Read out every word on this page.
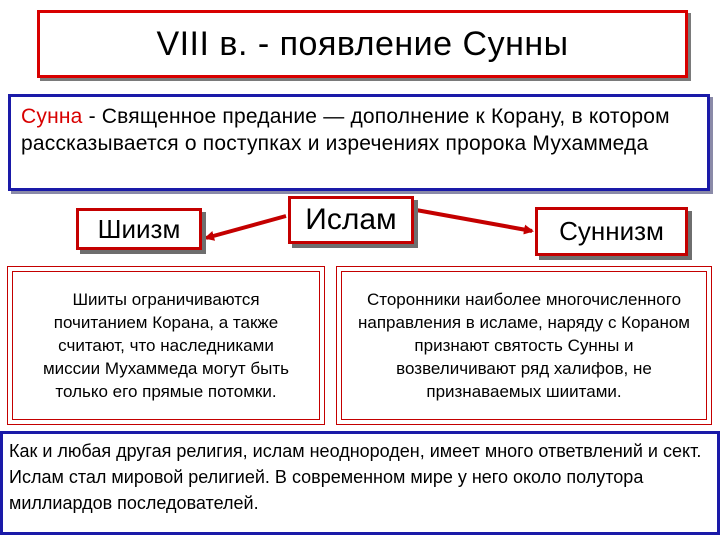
VIII в. - появление Сунны
Сунна - Священное предание — дополнение к Корану, в котором рассказывается о поступках и изречениях пророка Мухаммеда
Шиизм	Ислам	Суннизм
Шииты ограничиваются почитанием Корана, а также считают, что наследниками миссии Мухаммеда могут быть только его прямые потомки.
Сторонники наиболее многочисленного направления в исламе, наряду с Кораном признают святость Сунны и возвеличивают ряд халифов, не признаваемых шиитами.
Как и любая другая религия, ислам неоднороден, имеет много ответвлений и сект. Ислам стал мировой религией. В современном мире у него около полутора миллиардов последователей.
